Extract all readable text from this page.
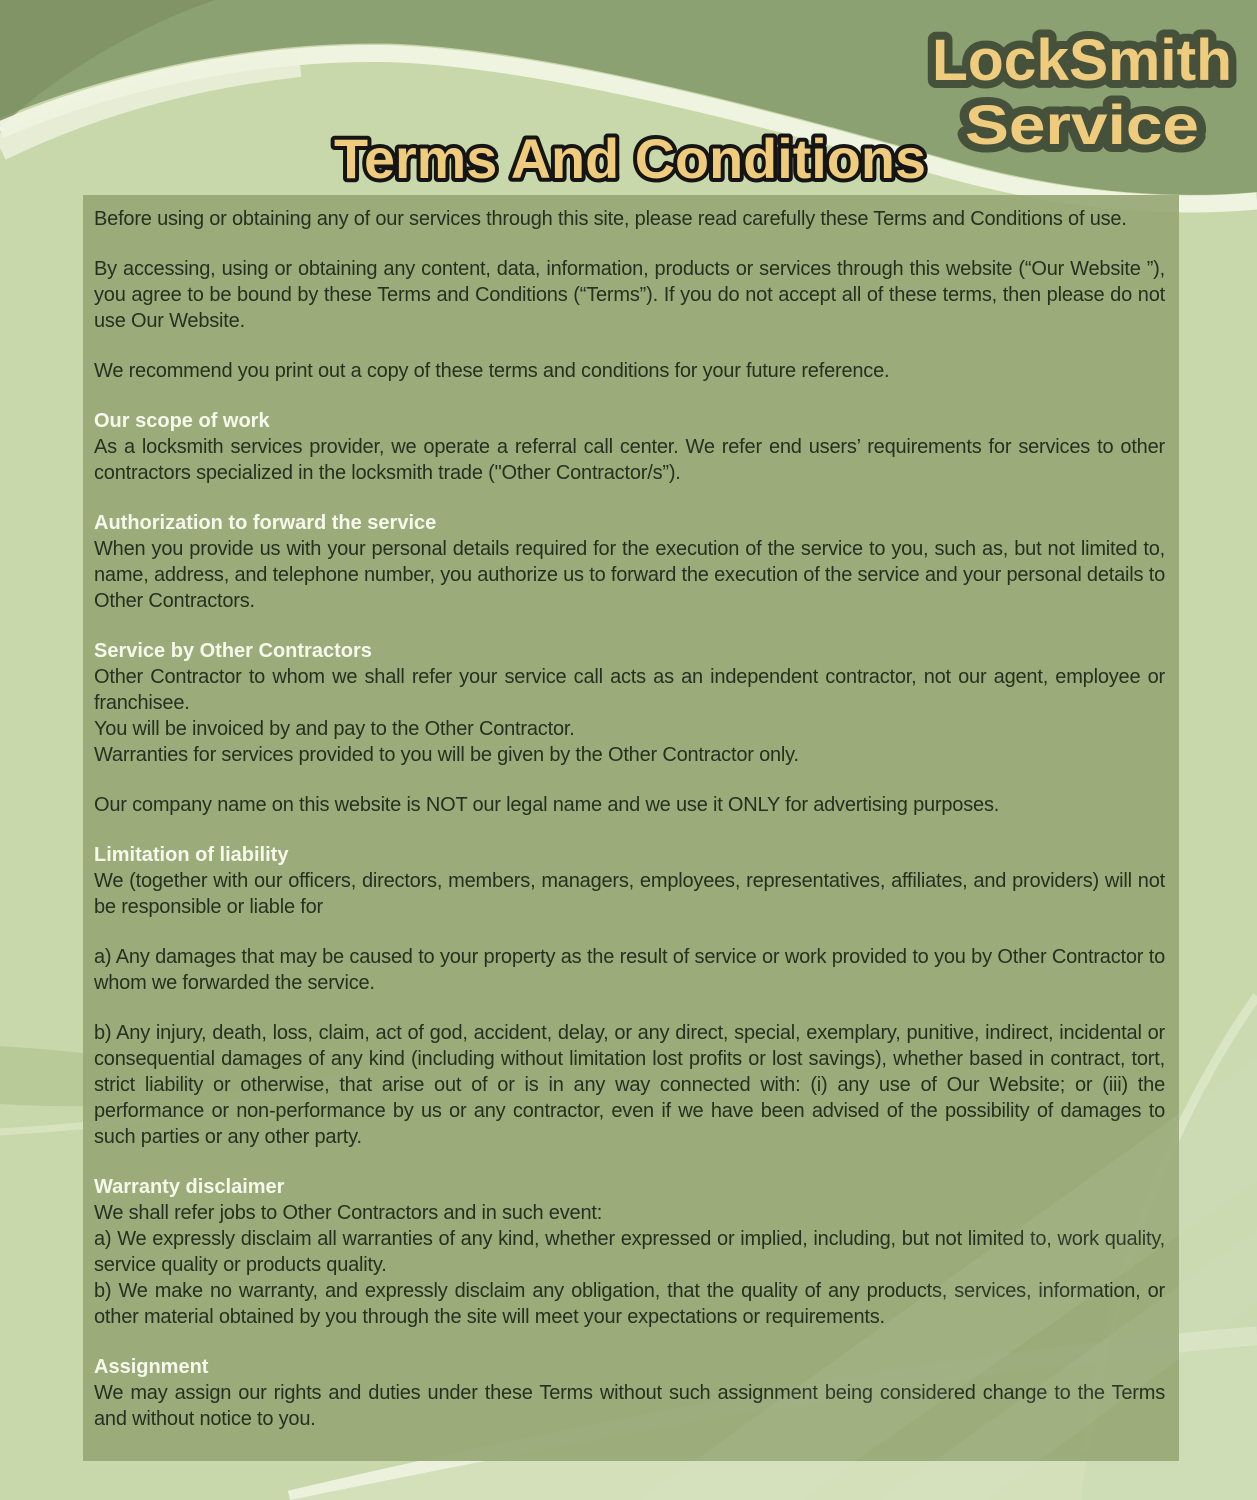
Before using or obtaining any of our services through this site, please read carefully these Terms and Conditions of use.
By accessing, using or obtaining any content, data, information, products or services through this website (“Our Website ”), you agree to be bound by these Terms and Conditions (“Terms”). If you do not accept all of these terms, then please do not use Our Website.
We recommend you print out a copy of these terms and conditions for your future reference.
Our scope of work
As a locksmith services provider, we operate a referral call center. We refer end users’ requirements for services to other contractors specialized in the locksmith trade ("Other Contractor/s”).
Authorization to forward the service
When you provide us with your personal details required for the execution of the service to you, such as, but not limited to, name, address, and telephone number, you authorize us to forward the execution of the service and your personal details to Other Contractors.
Service by Other Contractors
Other Contractor to whom we shall refer your service call acts as an independent contractor, not our agent, employee or franchisee.
You will be invoiced by and pay to the Other Contractor.
Warranties for services provided to you will be given by the Other Contractor only.
Our company name on this website is NOT our legal name and we use it ONLY for advertising purposes.
Limitation of liability
We (together with our officers, directors, members, managers, employees, representatives, affiliates, and providers) will not be responsible or liable for
a) Any damages that may be caused to your property as the result of service or work provided to you by Other Contractor to whom we forwarded the service.
b) Any injury, death, loss, claim, act of god, accident, delay, or any direct, special, exemplary, punitive, indirect, incidental or consequential damages of any kind (including without limitation lost profits or lost savings), whether based in contract, tort, strict liability or otherwise, that arise out of or is in any way connected with: (i) any use of Our Website; or (iii) the performance or non-performance by us or any contractor, even if we have been advised of the possibility of damages to such parties or any other party.
Warranty disclaimer
We shall refer jobs to Other Contractors and in such event:
a) We expressly disclaim all warranties of any kind, whether expressed or implied, including, but not limited to, work quality, service quality or products quality.
b) We make no warranty, and expressly disclaim any obligation, that the quality of any products, services, information, or other material obtained by you through the site will meet your expectations or requirements.
Assignment
We may assign our rights and duties under these Terms without such assignment being considered change to the Terms and without notice to you.
LockSmith
Service
Terms And Conditions
